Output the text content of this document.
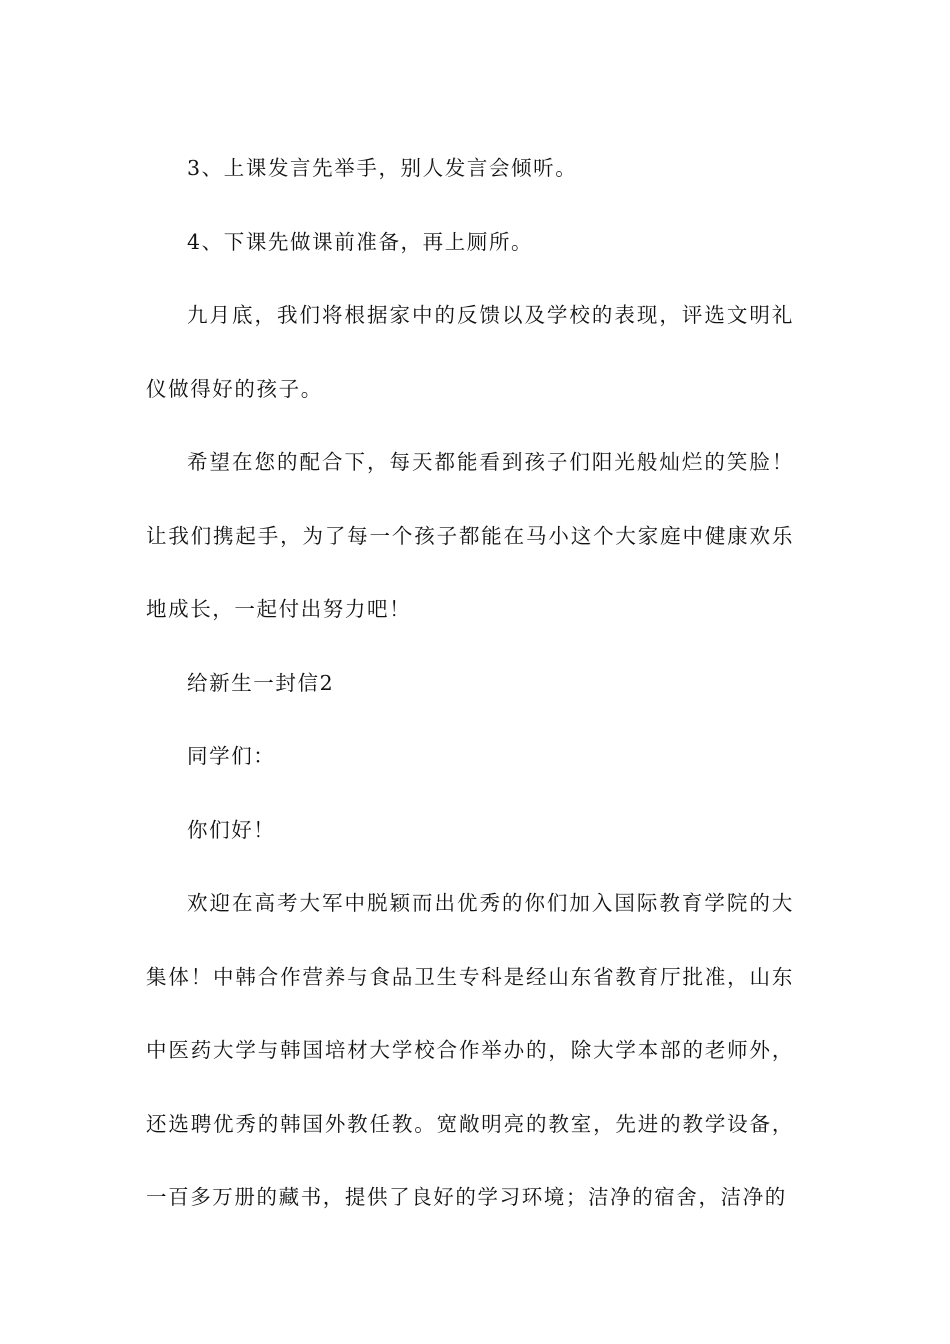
3、上课发言先举手，别人发言会倾听。

4、下课先做课前准备，再上厕所。

九月底，我们将根据家中的反馈以及学校的表现，评选文明礼仪做得好的孩子。

希望在您的配合下，每天都能看到孩子们阳光般灿烂的笑脸！让我们携起手，为了每一个孩子都能在马小这个大家庭中健康欢乐地成长，一起付出努力吧！

给新生一封信2

同学们：

你们好！

欢迎在高考大军中脱颖而出优秀的你们加入国际教育学院的大集体！中韩合作营养与食品卫生专科是经山东省教育厅批准，山东中医药大学与韩国培材大学校合作举办的，除大学本部的老师外，还选聘优秀的韩国外教任教。宽敞明亮的教室，先进的教学设备，一百多万册的藏书，提供了良好的学习环境；洁净的宿舍，洁净的
